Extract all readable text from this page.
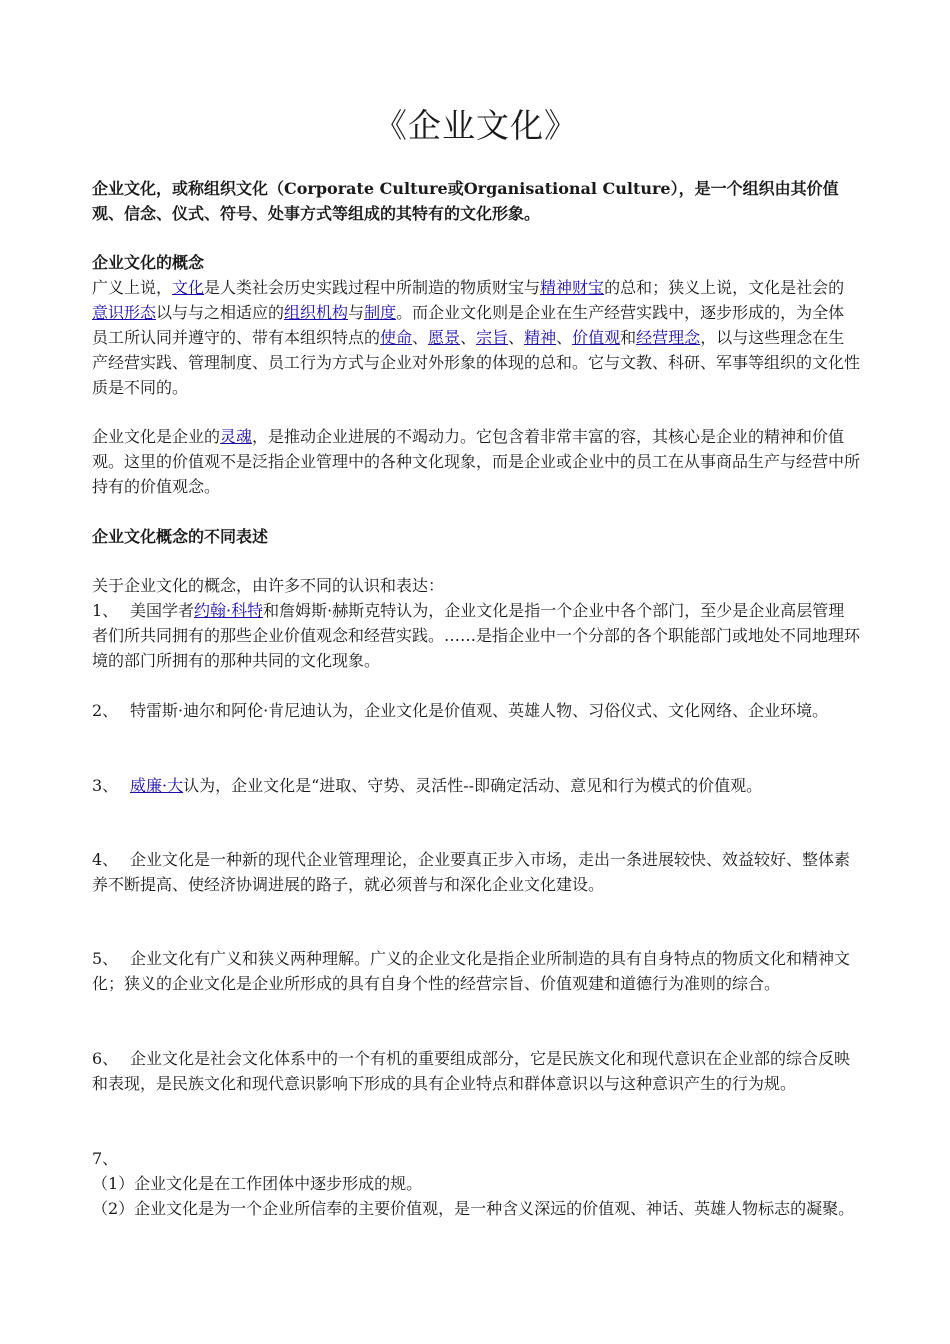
《企业文化》

企业文化，或称组织文化（Corporate Culture或Organisational Culture），是一个组织由其价值观、信念、仪式、符号、处事方式等组成的其特有的文化形象。

企业文化的概念

广义上说，文化是人类社会历史实践过程中所制造的物质财宝与精神财宝的总和；狭义上说，文化是社会的意识形态以与与之相适应的组织机构与制度。而企业文化则是企业在生产经营实践中，逐步形成的，为全体员工所认同并遵守的、带有本组织特点的使命、愿景、宗旨、精神、价值观和经营理念，以与这些理念在生产经营实践、管理制度、员工行为方式与企业对外形象的体现的总和。它与文教、科研、军事等组织的文化性质是不同的。

企业文化是企业的灵魂，是推动企业进展的不竭动力。它包含着非常丰富的容，其核心是企业的精神和价值观。这里的价值观不是泛指企业管理中的各种文化现象，而是企业或企业中的员工在从事商品生产与经营中所持有的价值观念。

企业文化概念的不同表述

关于企业文化的概念，由许多不同的认识和表达：

1、 美国学者约翰·科特和詹姆斯·赫斯克特认为，企业文化是指一个企业中各个部门，至少是企业高层管理者们所共同拥有的那些企业价值观念和经营实践。……是指企业中一个分部的各个职能部门或地处不同地理环境的部门所拥有的那种共同的文化现象。

2、 特雷斯·迪尔和阿伦·肯尼迪认为，企业文化是价值观、英雄人物、习俗仪式、文化网络、企业环境。

3、 威廉·大认为，企业文化是“进取、守势、灵活性--即确定活动、意见和行为模式的价值观。

4、 企业文化是一种新的现代企业管理理论，企业要真正步入市场，走出一条进展较快、效益较好、整体素养不断提高、使经济协调进展的路子，就必须普与和深化企业文化建设。

5、 企业文化有广义和狭义两种理解。广义的企业文化是指企业所制造的具有自身特点的物质文化和精神文化；狭义的企业文化是企业所形成的具有自身个性的经营宗旨、价值观建和道德行为准则的综合。

6、 企业文化是社会文化体系中的一个有机的重要组成部分，它是民族文化和现代意识在企业部的综合反映和表现，是民族文化和现代意识影响下形成的具有企业特点和群体意识以与这种意识产生的行为规。

7、

（1）企业文化是在工作团体中逐步形成的规。

（2）企业文化是为一个企业所信奉的主要价值观，是一种含义深远的价值观、神话、英雄人物标志的凝聚。
